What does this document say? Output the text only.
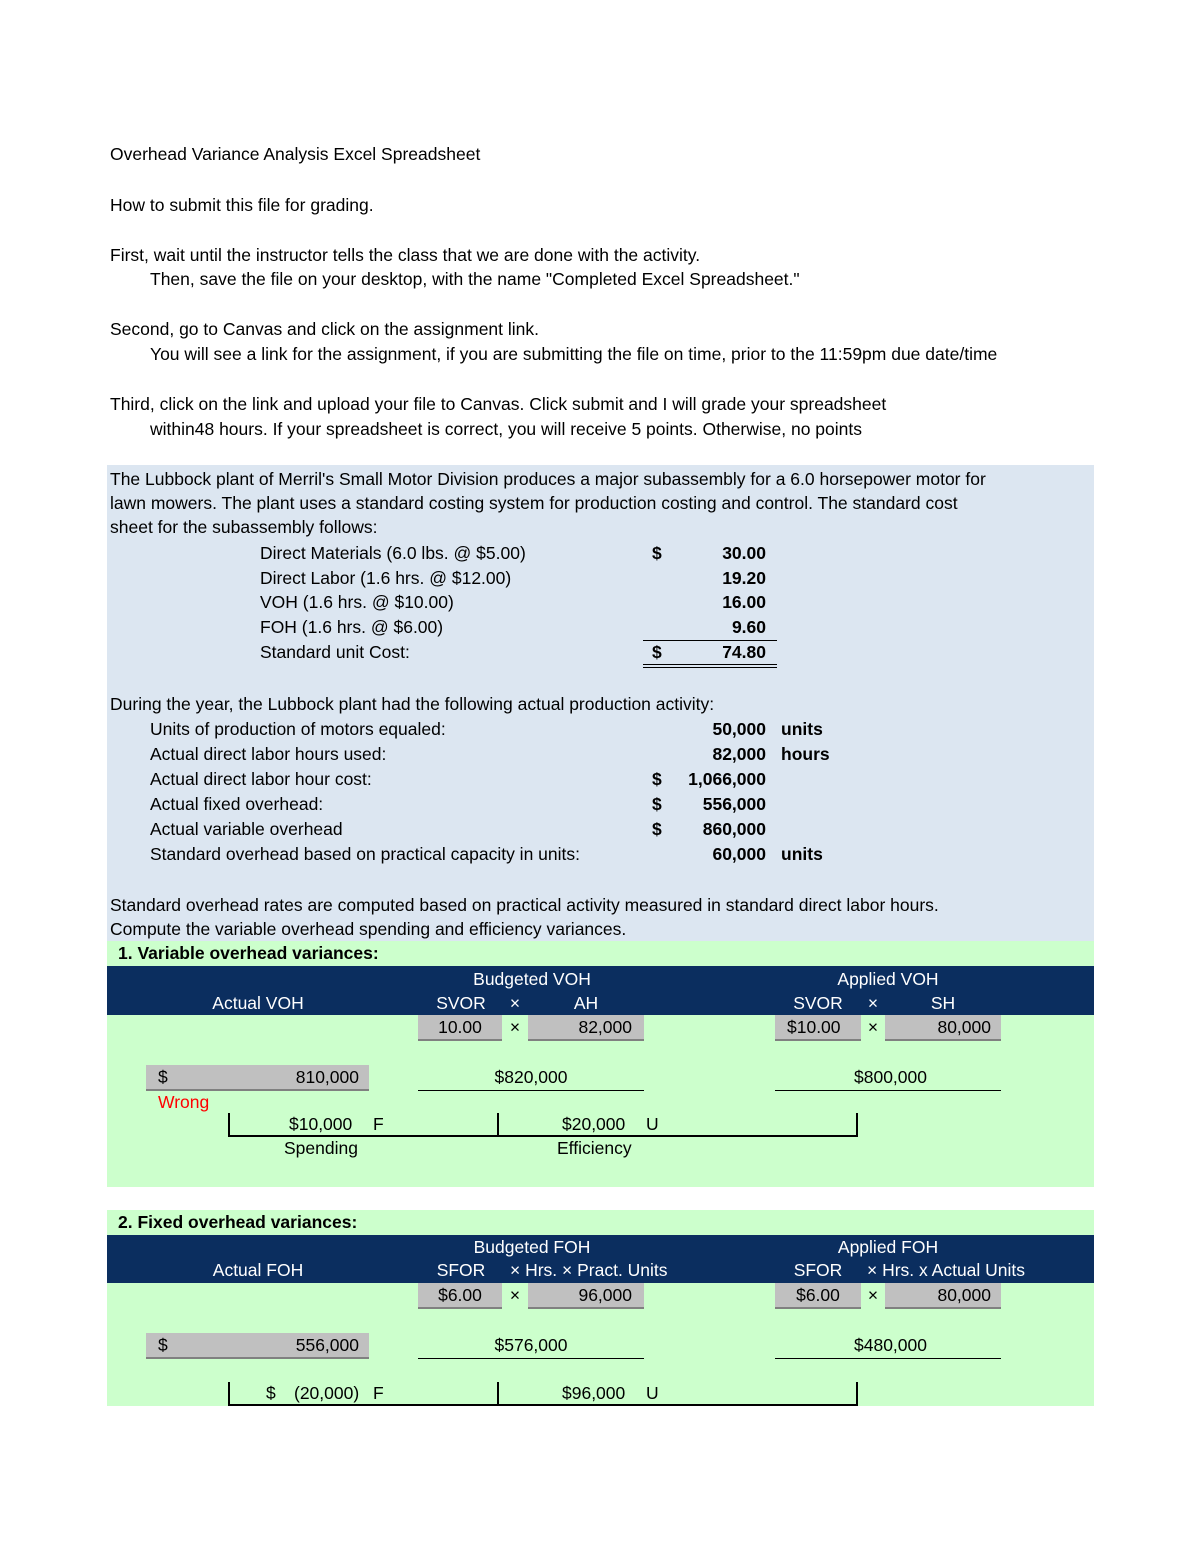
Overhead Variance Analysis Excel Spreadsheet
How to submit this file for grading.
First, wait until the instructor tells the class that we are done with the activity.
Then, save the file on your desktop, with the name "Completed Excel Spreadsheet."
Second, go to Canvas and click on the assignment link.
You will see a link for the assignment, if you are submitting the file on time, prior to the 11:59pm due date/time
Third, click on the link and upload your file to Canvas. Click submit and I will grade your spreadsheet
within48 hours. If your spreadsheet is correct, you will receive 5 points. Otherwise, no points
The Lubbock plant of Merril's Small Motor Division produces a major subassembly for a 6.0 horsepower motor for
lawn mowers. The plant uses a standard costing system for production costing and control. The standard cost
sheet for the subassembly follows:
Direct Materials (6.0 lbs. @ $5.00)	$	30.00
Direct Labor (1.6 hrs. @ $12.00)	19.20
VOH (1.6 hrs. @ $10.00)	16.00
FOH (1.6 hrs. @ $6.00)	9.60
Standard unit Cost:	$	74.80
During the year, the Lubbock plant had the following actual production activity:
Units of production of motors equaled:	50,000 units
Actual direct labor hours used:	82,000 hours
Actual direct labor hour cost:	$	1,066,000
Actual fixed overhead:	$	556,000
Actual variable overhead	$	860,000
Standard overhead based on practical capacity in units:	60,000 units
Standard overhead rates are computed based on practical activity measured in standard direct labor hours.
Compute the variable overhead spending and efficiency variances.
1. Variable overhead variances:
Actual VOH
Budgeted VOH	Applied VOH
SVOR	×	AH	SVOR	×	SH
10.00	×	82,000	$10.00	×	80,000
$	810,000	$820,000	$800,000
Wrong
$10,000 F
Spending
$20,000 U
Efficiency
2. Fixed overhead variances:
Actual FOH
Budgeted FOH	Applied FOH
SFOR	× Hrs. × Pract. Units	SFOR	× Hrs. x Actual Units
$6.00	×	96,000	$6.00	×	80,000
$	556,000	$576,000	$480,000
$ (20,000) F	$96,000 U
